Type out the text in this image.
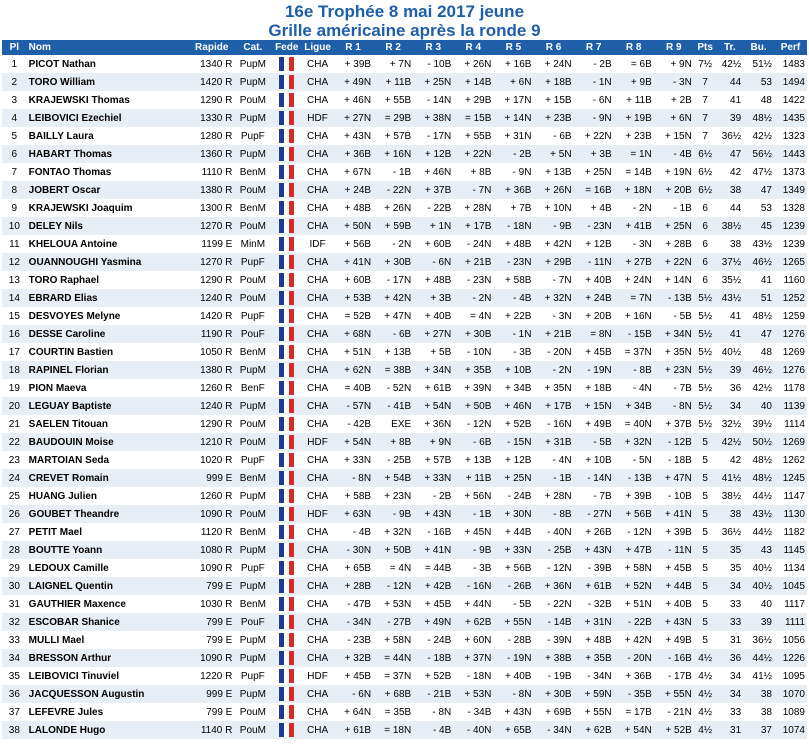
16e Trophée 8 mai 2017 jeune
Grille américaine après la ronde 9
Pl	Nom	Rapide	Cat.	Fede	Ligue	R 1	R 2	R 3	R 4	R 5	R 6	R 7	R 8	R 9	Pts	Tr.	Bu.	Perf
1	PICOT Nathan	1340 R	PupM		CHA	+ 39B	+ 7N	- 10B	+ 26N	+ 16B	+ 24N	- 2B	= 6B	+ 9N	7½	42½	51½	1483
2	TORO William	1420 R	PupM		CHA	+ 49N	+ 11B	+ 25N	+ 14B	+ 6N	+ 18B	- 1N	+ 9B	- 3N	7	44	53	1494
3	KRAJEWSKI Thomas	1290 R	PouM		CHA	+ 46N	+ 55B	- 14N	+ 29B	+ 17N	+ 15B	- 6N	+ 11B	+ 2B	7	41	48	1422
4	LEIBOVICI Ezechiel	1330 R	PupM		HDF	+ 27N	= 29B	+ 38N	= 15B	+ 14N	+ 23B	- 9N	+ 19B	+ 6N	7	39	48½	1435
5	BAILLY Laura	1280 R	PupF		CHA	+ 43N	+ 57B	- 17N	+ 55B	+ 31N	- 6B	+ 22N	+ 23B	+ 15N	7	36½	42½	1323
6	HABART Thomas	1360 R	PupM		CHA	+ 36B	+ 16N	+ 12B	+ 22N	- 2B	+ 5N	+ 3B	= 1N	- 4B	6½	47	56½	1443
7	FONTAO Thomas	1110 R	BenM		CHA	+ 67N	- 1B	+ 46N	+ 8B	- 9N	+ 13B	+ 25N	= 14B	+ 19N	6½	42	47½	1373
8	JOBERT Oscar	1380 R	PouM		CHA	+ 24B	- 22N	+ 37B	- 7N	+ 36B	+ 26N	= 16B	+ 18N	+ 20B	6½	38	47	1349
9	KRAJEWSKI Joaquim	1300 R	BenM		CHA	+ 48B	+ 26N	- 22B	+ 28N	+ 7B	+ 10N	+ 4B	- 2N	- 1B	6	44	53	1328
10	DELEY Nils	1270 R	PouM		CHA	+ 50N	+ 59B	+ 1N	+ 17B	- 18N	- 9B	- 23N	+ 41B	+ 25N	6	38½	45	1239
11	KHELOUA Antoine	1199 E	MinM		IDF	+ 56B	- 2N	+ 60B	- 24N	+ 48B	+ 42N	+ 12B	- 3N	+ 28B	6	38	43½	1239
12	OUANNOUGHI Yasmina	1270 R	PupF		CHA	+ 41N	+ 30B	- 6N	+ 21B	- 23N	+ 29B	- 11N	+ 27B	+ 22N	6	37½	46½	1265
13	TORO Raphael	1290 R	PouM		CHA	+ 60B	- 17N	+ 48B	- 23N	+ 58B	- 7N	+ 40B	+ 24N	+ 14N	6	35½	41	1160
14	EBRARD Elias	1240 R	PouM		CHA	+ 53B	+ 42N	+ 3B	- 2N	- 4B	+ 32N	+ 24B	= 7N	- 13B	5½	43½	51	1252
15	DESVOYES Melyne	1420 R	PupF		CHA	= 52B	+ 47N	+ 40B	= 4N	+ 22B	- 3N	+ 20B	+ 16N	- 5B	5½	41	48½	1259
16	DESSE Caroline	1190 R	PouF		CHA	+ 68N	- 6B	+ 27N	+ 30B	- 1N	+ 21B	= 8N	- 15B	+ 34N	5½	41	47	1276
17	COURTIN Bastien	1050 R	BenM		CHA	+ 51N	+ 13B	+ 5B	- 10N	- 3B	- 20N	+ 45B	= 37N	+ 35N	5½	40½	48	1269
18	RAPINEL Florian	1380 R	PupM		CHA	+ 62N	= 38B	+ 34N	+ 35B	+ 10B	- 2N	- 19N	- 8B	+ 23N	5½	39	46½	1276
19	PION Maeva	1260 R	BenF		CHA	= 40B	- 52N	+ 61B	+ 39N	+ 34B	+ 35N	+ 18B	- 4N	- 7B	5½	36	42½	1178
20	LEGUAY Baptiste	1240 R	PupM		CHA	- 57N	- 41B	+ 54N	+ 50B	+ 46N	+ 17B	+ 15N	+ 34B	- 8N	5½	34	40	1139
21	SAELEN Titouan	1290 R	PouM		CHA	- 42B	EXE	+ 36N	- 12N	+ 52B	- 16N	+ 49B	= 40N	+ 37B	5½	32½	39½	1114
22	BAUDOUIN Moise	1210 R	PouM		HDF	+ 54N	+ 8B	+ 9N	- 6B	- 15N	+ 31B	- 5B	+ 32N	- 12B	5	42½	50½	1269
23	MARTOIAN Seda	1020 R	PupF		CHA	+ 33N	- 25B	+ 57B	+ 13B	+ 12B	- 4N	+ 10B	- 5N	- 18B	5	42	48½	1262
24	CREVET Romain	999 E	BenM		CHA	- 8N	+ 54B	+ 33N	+ 11B	+ 25N	- 1B	- 14N	- 13B	+ 47N	5	41½	48½	1245
25	HUANG Julien	1260 R	PupM		CHA	+ 58B	+ 23N	- 2B	+ 56N	- 24B	+ 28N	- 7B	+ 39B	- 10B	5	38½	44½	1147
26	GOUBET Theandre	1090 R	PouM		HDF	+ 63N	- 9B	+ 43N	- 1B	+ 30N	- 8B	- 27N	+ 56B	+ 41N	5	38	43½	1130
27	PETIT Mael	1120 R	BenM		CHA	- 4B	+ 32N	- 16B	+ 45N	+ 44B	- 40N	+ 26B	- 12N	+ 39B	5	36½	44½	1182
28	BOUTTE Yoann	1080 R	PupM		CHA	- 30N	+ 50B	+ 41N	- 9B	+ 33N	- 25B	+ 43N	+ 47B	- 11N	5	35	43	1145
29	LEDOUX Camille	1090 R	PupF		CHA	+ 65B	= 4N	= 44B	- 3B	+ 56B	- 12N	- 39B	+ 58N	+ 45B	5	35	40½	1134
30	LAIGNEL Quentin	799 E	PupM		CHA	+ 28B	- 12N	+ 42B	- 16N	- 26B	+ 36N	+ 61B	+ 52N	+ 44B	5	34	40½	1045
31	GAUTHIER Maxence	1030 R	BenM		CHA	- 47B	+ 53N	+ 45B	+ 44N	- 5B	- 22N	- 32B	+ 51N	+ 40B	5	33	40	1117
32	ESCOBAR Shanice	799 E	PouF		CHA	- 34N	- 27B	+ 49N	+ 62B	+ 55N	- 14B	+ 31N	- 22B	+ 43N	5	33	39	1111
33	MULLI Mael	799 E	PupM		CHA	- 23B	+ 58N	- 24B	+ 60N	- 28B	- 39N	+ 48B	+ 42N	+ 49B	5	31	36½	1056
34	BRESSON Arthur	1090 R	PupM		CHA	+ 32B	= 44N	- 18B	+ 37N	- 19N	+ 38B	+ 35B	- 20N	- 16B	4½	36	44½	1226
35	LEIBOVICI Tinuviel	1220 R	PupF		HDF	+ 45B	= 37N	+ 52B	- 18N	+ 40B	- 19B	- 34N	+ 36B	- 17B	4½	34	41½	1095
36	JACQUESSON Augustin	999 E	PupM		CHA	- 6N	+ 68B	- 21B	+ 53N	- 8N	+ 30B	+ 59N	- 35B	+ 55N	4½	34	38	1070
37	LEFEVRE Jules	799 E	PouM		CHA	+ 64N	= 35B	- 8N	- 34B	+ 43N	+ 69B	+ 55N	= 17B	- 21N	4½	33	38	1089
38	LALONDE Hugo	1140 R	PouM		CHA	+ 61B	= 18N	- 4B	- 40N	+ 65B	- 34N	+ 62B	+ 54N	+ 52B	4½	31	37	1074
